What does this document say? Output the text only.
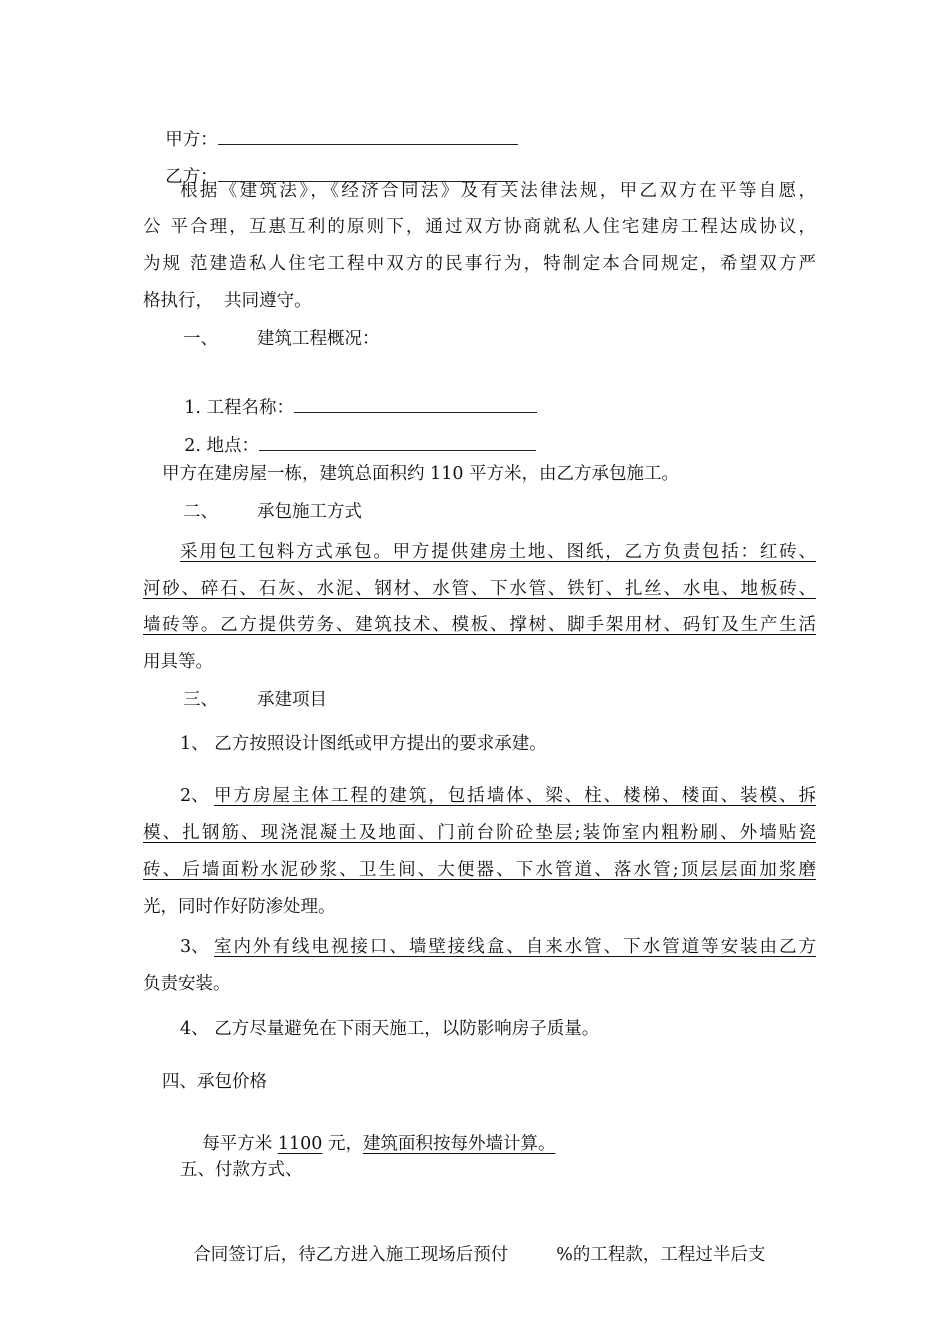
甲方：

乙方：

根据《建筑法》，《经济合同法》及有关法律法规，甲乙双方在平等自愿，
公 平合理，互惠互利的原则下，通过双方协商就私人住宅建房工程达成协议，
为规 范建造私人住宅工程中双方的民事行为，特制定本合同规定，希望双方严
格执行，  共同遵守。
一、 建筑工程概况：

1. 工程名称：

2. 地点：

甲方在建房屋一栋，建筑总面积约 110 平方米，由乙方承包施工。
二、 承包施工方式
采用包工包料方式承包。甲方提供建房土地、图纸，乙方负责包括：红砖、
河砂、碎石、石灰、水泥、钢材、水管、下水管、铁钉、扎丝、水电、地板砖、
墙砖等。乙方提供劳务、建筑技术、模板、撑树、脚手架用材、码钉及生产生活
用具等。
三、 承建项目
1、 乙方按照设计图纸或甲方提出的要求承建。
2、 甲方房屋主体工程的建筑，包括墙体、梁、柱、楼梯、楼面、装模、拆
模、扎钢筋、现浇混凝土及地面、门前台阶砼垫层;装饰室内粗粉刷、外墙贴瓷
砖、后墙面粉水泥砂浆、卫生间、大便器、下水管道、落水管;顶层层面加浆磨
光，同时作好防渗处理。
3、 室内外有线电视接口、墙壁接线盒、自来水管、下水管道等安装由乙方
负责安装。
4、 乙方尽量避免在下雨天施工，以防影响房子质量。
四、承包价格

每平方米 1100 元，建筑面积按每外墙计算。

五、付款方式、

合同签订后，待乙方进入施工现场后预付	%的工程款，工程过半后支
